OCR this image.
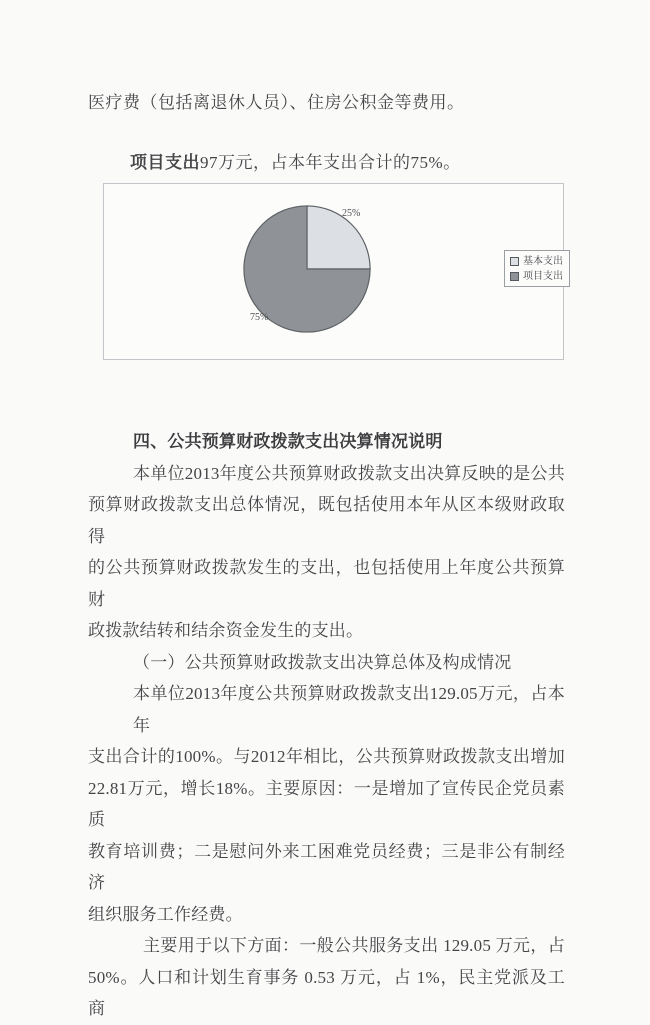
医疗费（包括离退休人员）、住房公积金等费用。
项目支出97万元，占本年支出合计的75%。
25%
75%
基本支出
项目支出
四、公共预算财政拨款支出决算情况说明
本单位2013年度公共预算财政拨款支出决算反映的是公共
预算财政拨款支出总体情况，既包括使用本年从区本级财政取得
的公共预算财政拨款发生的支出，也包括使用上年度公共预算财
政拨款结转和结余资金发生的支出。
（一）公共预算财政拨款支出决算总体及构成情况
本单位2013年度公共预算财政拨款支出129.05万元，占本年
支出合计的100%。与2012年相比，公共预算财政拨款支出增加
22.81万元，增长18%。主要原因：一是增加了宣传民企党员素质
教育培训费；二是慰问外来工困难党员经费；三是非公有制经济
组织服务工作经费。
主要用于以下方面：一般公共服务支出 129.05 万元，占
50%。人口和计划生育事务 0.53 万元，占 1%，民主党派及工商
